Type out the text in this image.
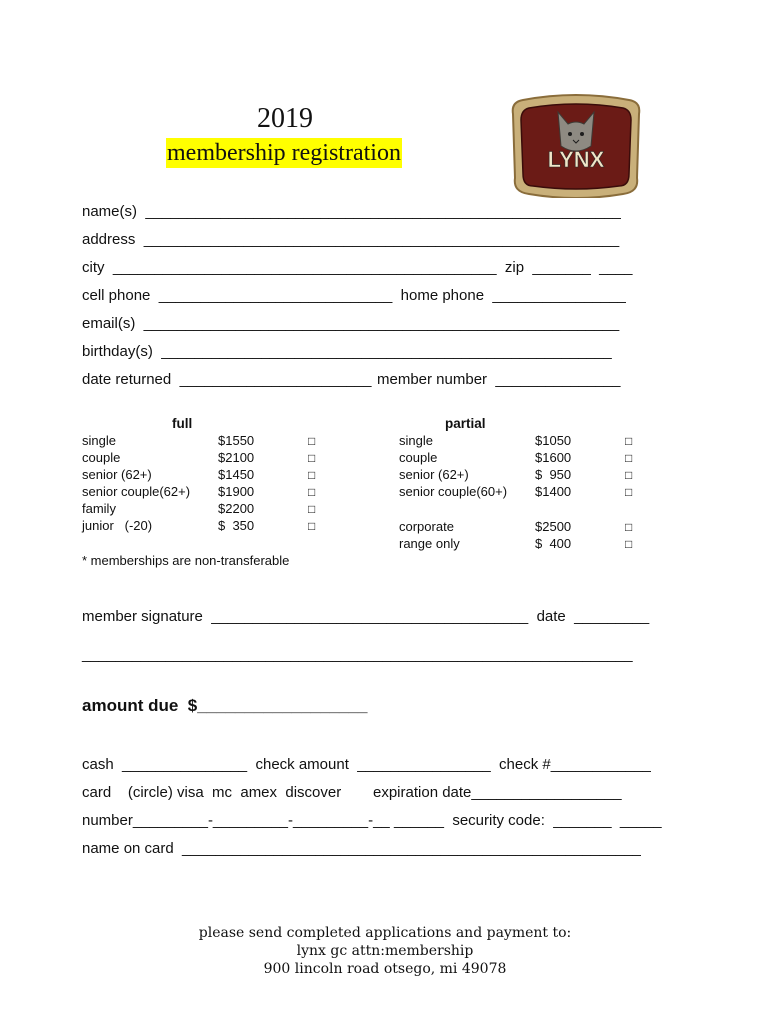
2019
membership registration

	LYNX

name(s)  _________________________________________________________
address  _________________________________________________________
city  ______________________________________________  zip  _______  ____
cell phone  ____________________________  home phone  ________________
email(s)  _________________________________________________________
birthday(s)  ______________________________________________________
date returned  _______________________ member number  _______________
full	partial
single	$1550	□
couple	$2100	□
senior (62+)	$1450	□
senior couple(62+) $1900	□
family	$2200	□
junior   (-20)	$  350	□
single	$1050	□
couple	$1600	□
senior (62+)	$  950	□
senior couple(60+) $1400	□
corporate	$2500	□
range only	$  400	□
* memberships are non-transferable
member signature  ______________________________________  date  _________
__________________________________________________________________
amount due  $__________________
cash  _______________  check amount  ________________  check #____________
card    (circle) visa  mc  amex  discover expiration date__________________
number_________-_________-_________-__ ______  security code:  _______  _____
name on card  _______________________________________________________
please send completed applications and payment to:
lynx gc attn:membership
900 lincoln road otsego, mi 49078
